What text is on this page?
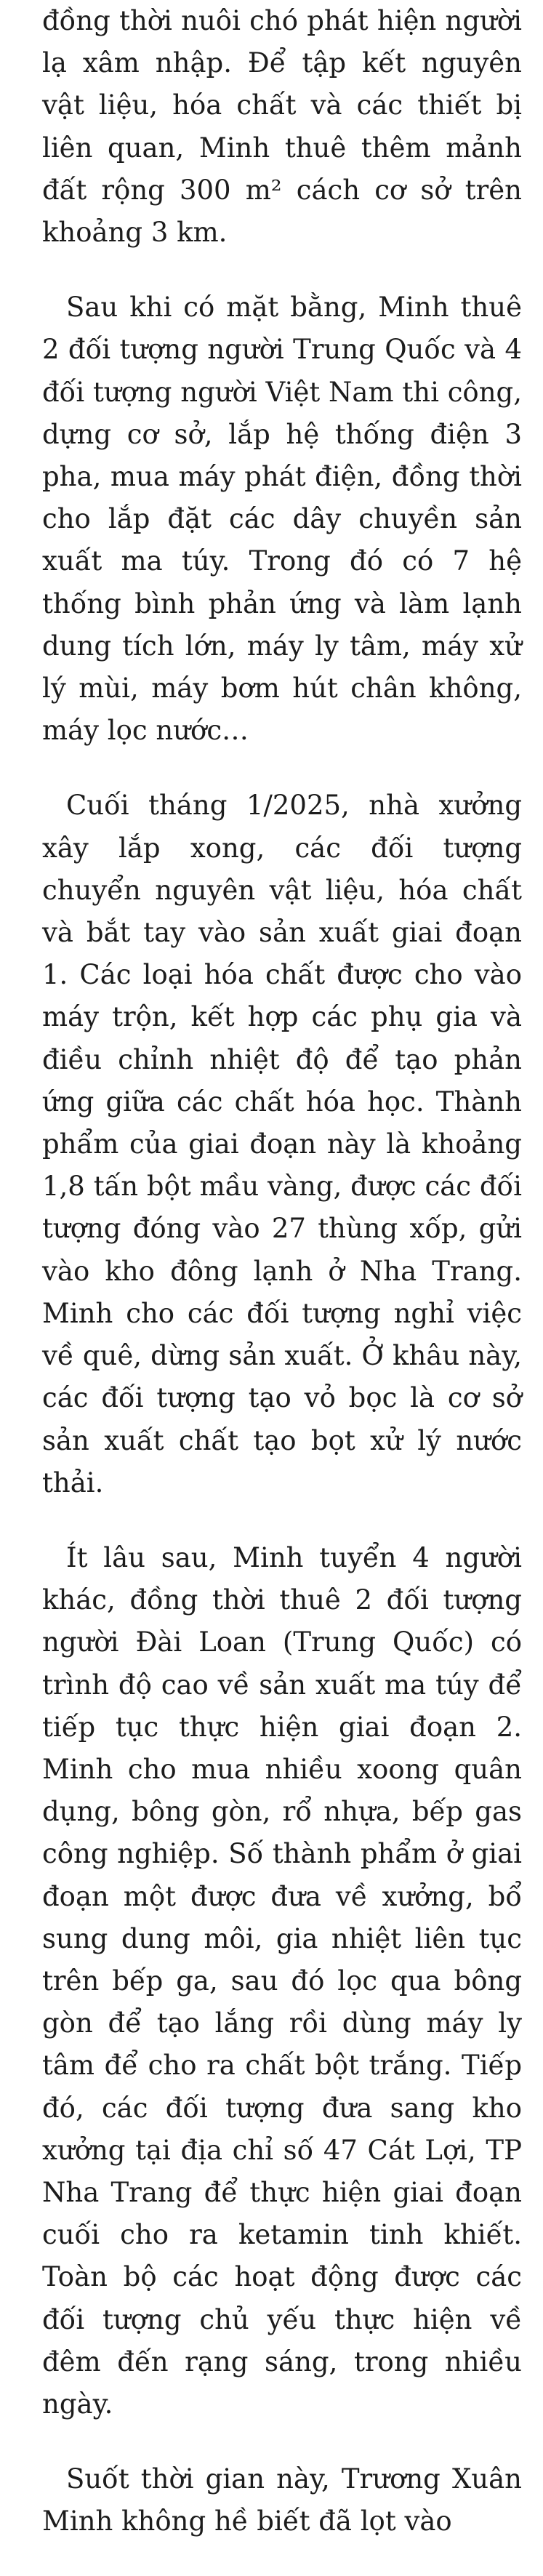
đồng thời nuôi chó phát hiện người lạ xâm nhập. Để tập kết nguyên vật liệu, hóa chất và các thiết bị liên quan, Minh thuê thêm mảnh đất rộng 300 m² cách cơ sở trên khoảng 3 km.

Sau khi có mặt bằng, Minh thuê 2 đối tượng người Trung Quốc và 4 đối tượng người Việt Nam thi công, dựng cơ sở, lắp hệ thống điện 3 pha, mua máy phát điện, đồng thời cho lắp đặt các dây chuyền sản xuất ma túy. Trong đó có 7 hệ thống bình phản ứng và làm lạnh dung tích lớn, máy ly tâm, máy xử lý mùi, máy bơm hút chân không, máy lọc nước…

Cuối tháng 1/2025, nhà xưởng xây lắp xong, các đối tượng chuyển nguyên vật liệu, hóa chất và bắt tay vào sản xuất giai đoạn 1. Các loại hóa chất được cho vào máy trộn, kết hợp các phụ gia và điều chỉnh nhiệt độ để tạo phản ứng giữa các chất hóa học. Thành phẩm của giai đoạn này là khoảng 1,8 tấn bột mầu vàng, được các đối tượng đóng vào 27 thùng xốp, gửi vào kho đông lạnh ở Nha Trang. Minh cho các đối tượng nghỉ việc về quê, dừng sản xuất. Ở khâu này, các đối tượng tạo vỏ bọc là cơ sở sản xuất chất tạo bọt xử lý nước thải.

Ít lâu sau, Minh tuyển 4 người khác, đồng thời thuê 2 đối tượng người Đài Loan (Trung Quốc) có trình độ cao về sản xuất ma túy để tiếp tục thực hiện giai đoạn 2. Minh cho mua nhiều xoong quân dụng, bông gòn, rổ nhựa, bếp gas công nghiệp. Số thành phẩm ở giai đoạn một được đưa về xưởng, bổ sung dung môi, gia nhiệt liên tục trên bếp ga, sau đó lọc qua bông gòn để tạo lắng rồi dùng máy ly tâm để cho ra chất bột trắng. Tiếp đó, các đối tượng đưa sang kho xưởng tại địa chỉ số 47 Cát Lợi, TP Nha Trang để thực hiện giai đoạn cuối cho ra ketamin tinh khiết. Toàn bộ các hoạt động được các đối tượng chủ yếu thực hiện về đêm đến rạng sáng, trong nhiều ngày.

Suốt thời gian này, Trương Xuân Minh không hề biết đã lọt vào
